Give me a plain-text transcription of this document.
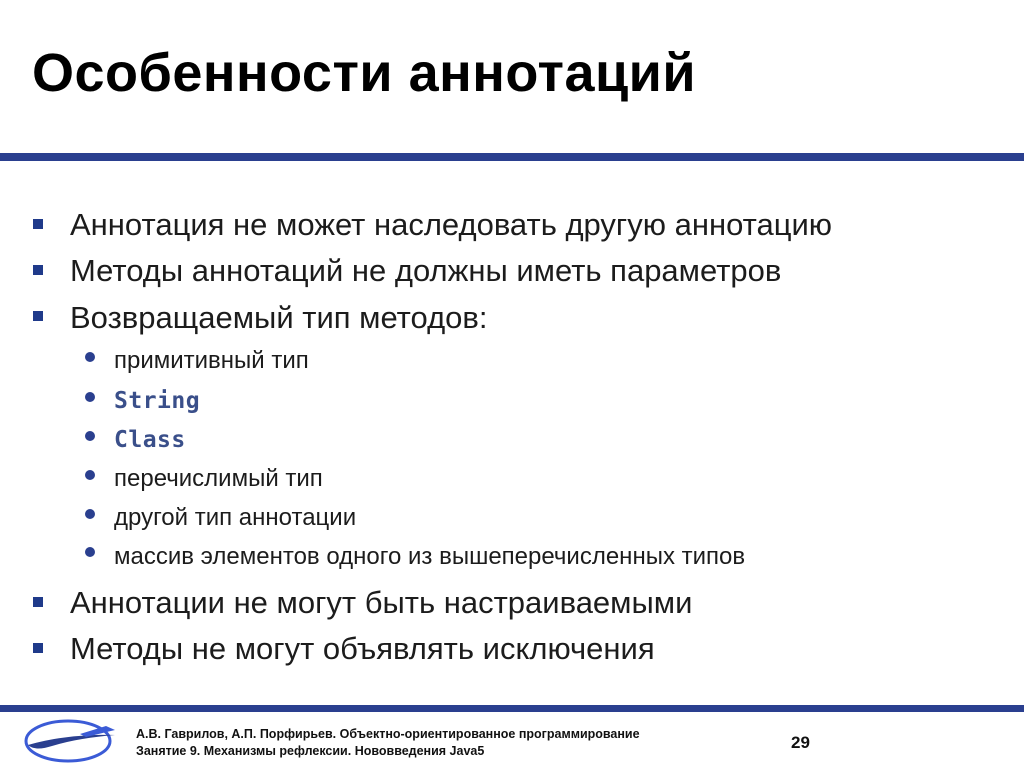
Особенности аннотаций
Аннотация не может наследовать другую аннотацию
Методы аннотаций не должны иметь параметров
Возвращаемый тип методов:
примитивный тип
String
Class
перечислимый тип
другой тип аннотации
массив элементов одного из вышеперечисленных типов
Аннотации не могут быть настраиваемыми
Методы не могут объявлять исключения
А.В. Гаврилов, А.П. Порфирьев. Объектно-ориентированное программирование
Занятие 9. Механизмы рефлексии. Нововведения Java5	29
